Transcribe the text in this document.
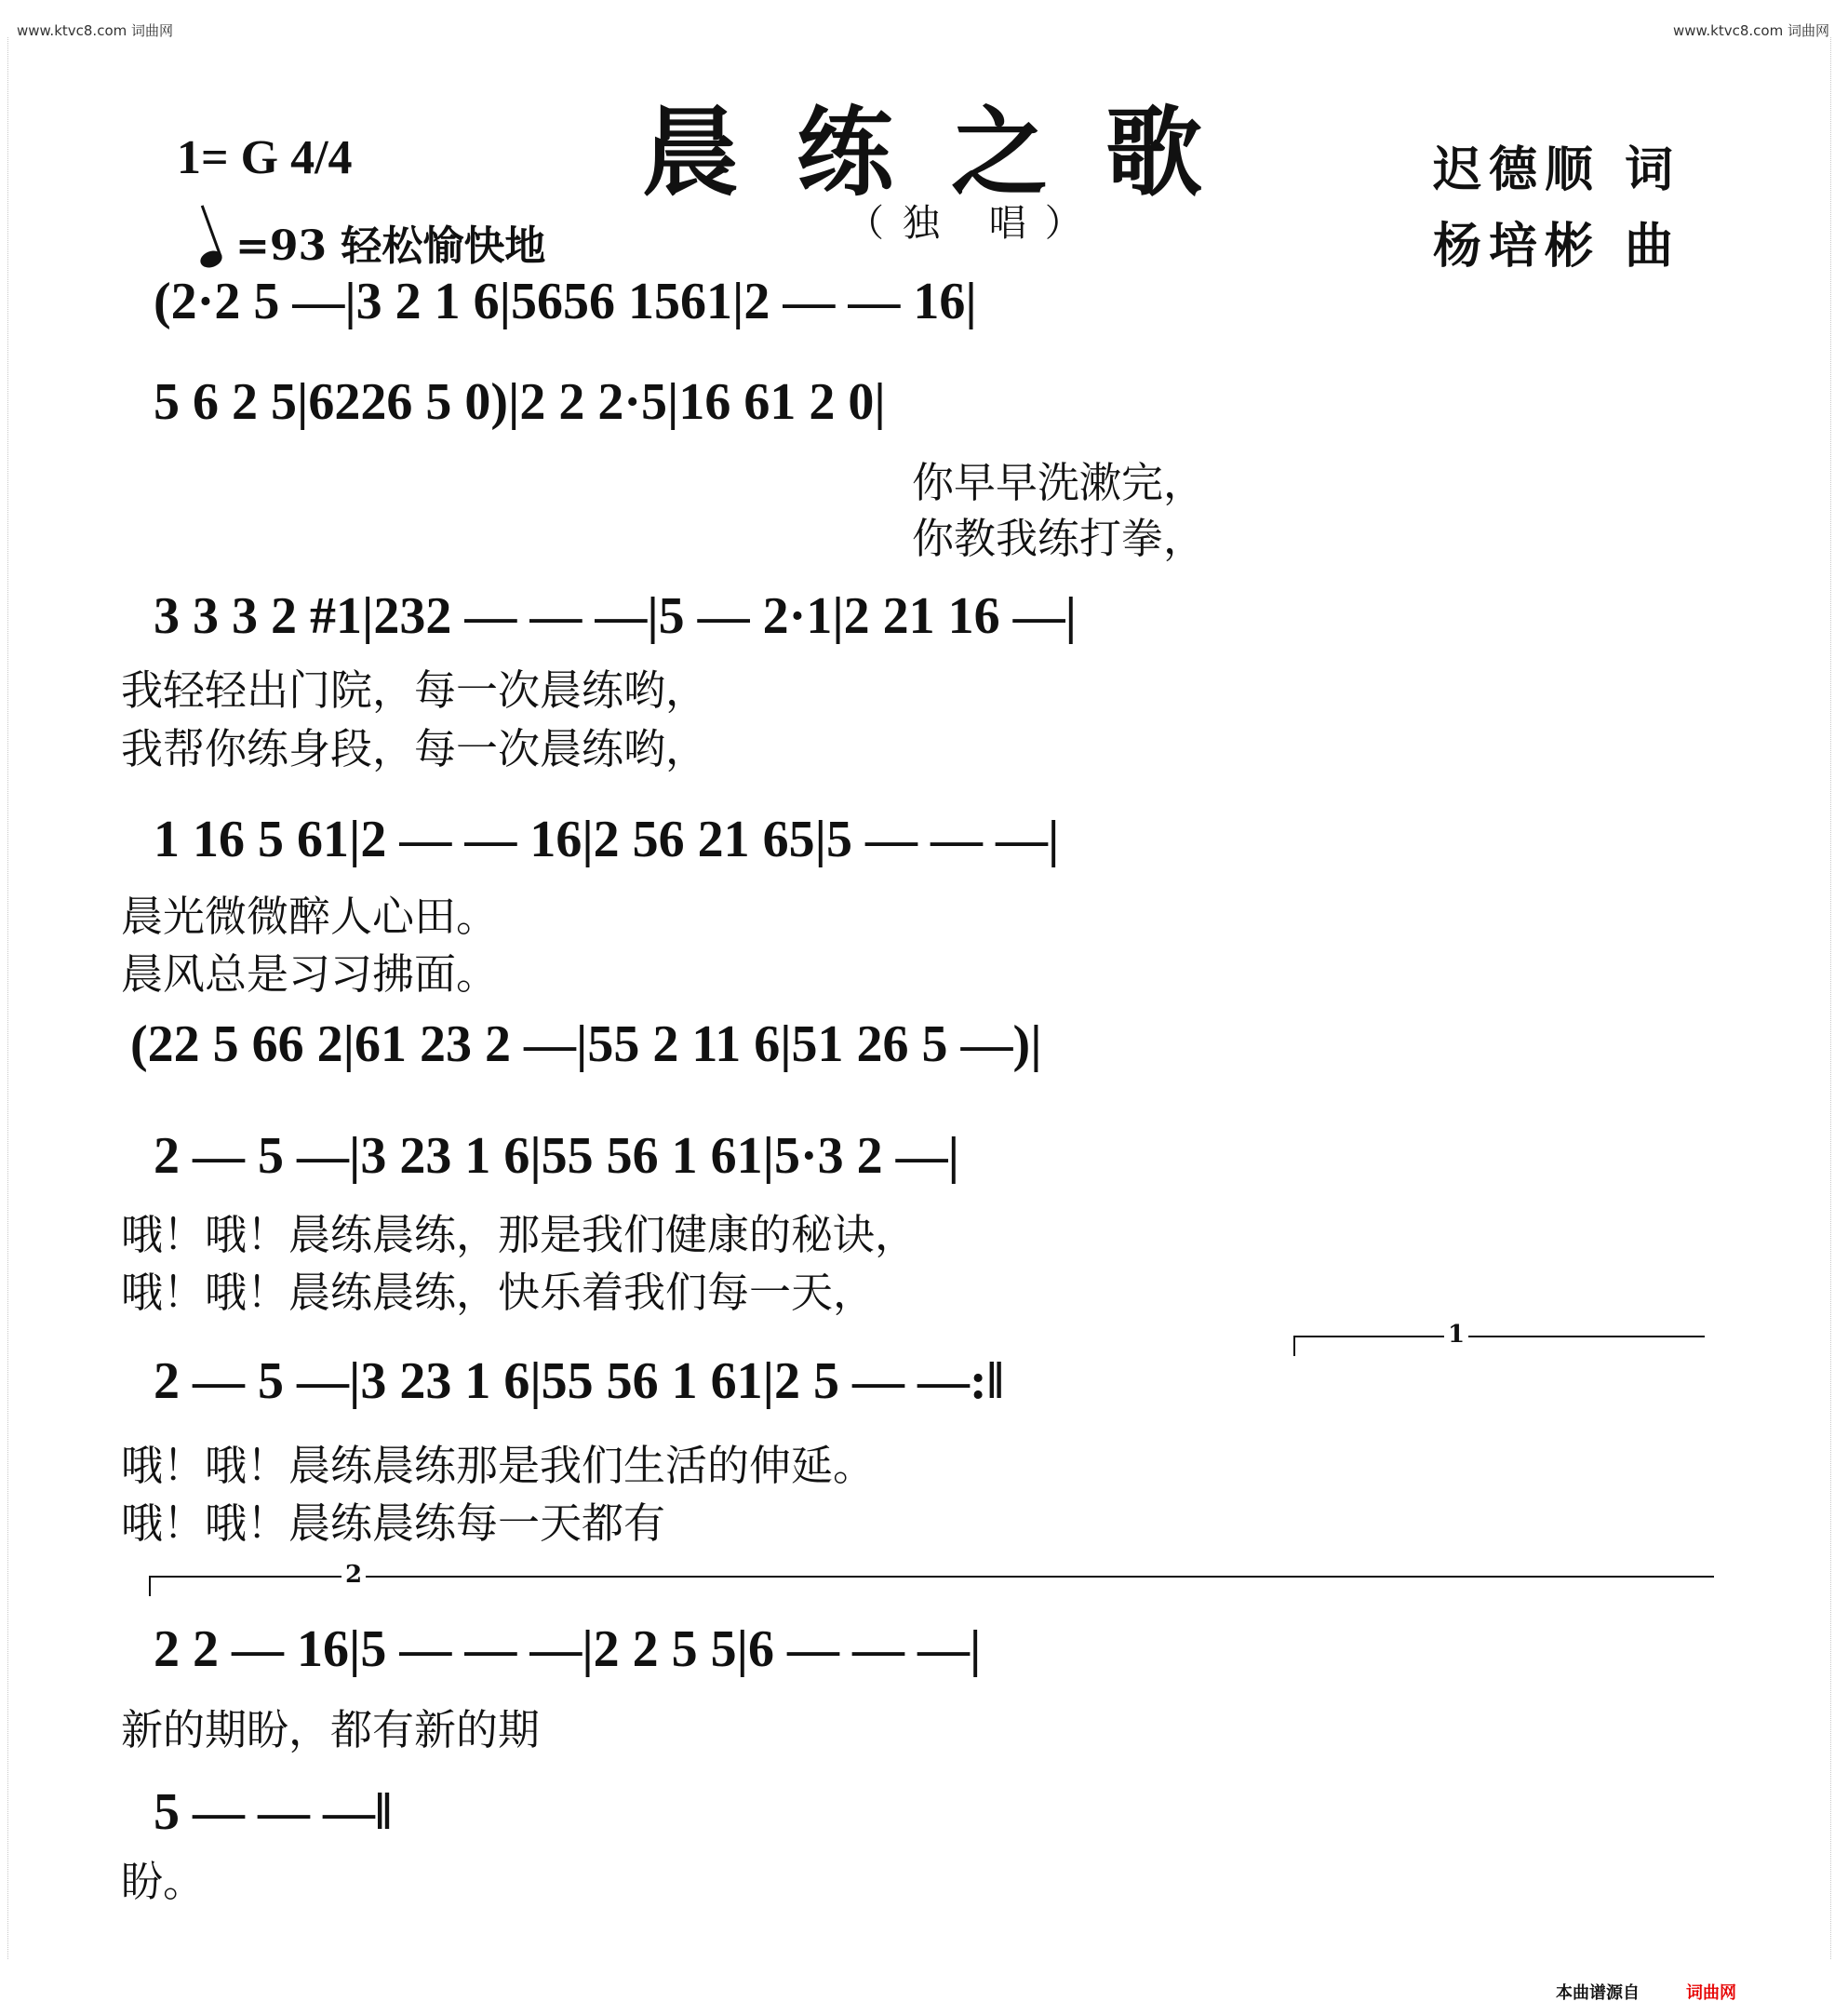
www.ktvc8.com 词曲网	www.ktvc8.com 词曲网
晨练之歌
（独 唱）
1= G 4/4
=93 轻松愉快地
迟德顺 词
杨培彬 曲
(2·2 5 —|3 2 1 6|5656 1561|2 — — 16|
5 6 2 5|6226 5 0)|2 2 2·5|16 61 2 0|
你早早洗漱完，
你教我练打拳，
3 3 3 2 #1|232 — — —|5 — 2·1|2 21 16 —|
我轻轻出门院，每一次晨练哟，
我帮你练身段，每一次晨练哟，
1 16 5 61|2 — — 16|2 56 21 65|5 — — —|
晨光微微醉人心田。
晨风总是习习拂面。
(22 5 66 2|61 23 2 —|55 2 11 6|51 26 5 —)|
2 — 5 —|3 23 1 6|55 56 1 61|5·3 2 —|
哦！哦！晨练晨练，那是我们健康的秘诀，
哦！哦！晨练晨练，快乐着我们每一天，
1
2 — 5 —|3 23 1 6|55 56 1 61|2 5 — —:‖
哦！哦！晨练晨练那是我们生活的伸延。
哦！哦！晨练晨练每一天都有
2
2 2 — 16|5 — — —|2 2 5 5|6 — — —|
新的期盼，都有新的期
5 — — —‖
盼。
本曲谱源自	词曲网
